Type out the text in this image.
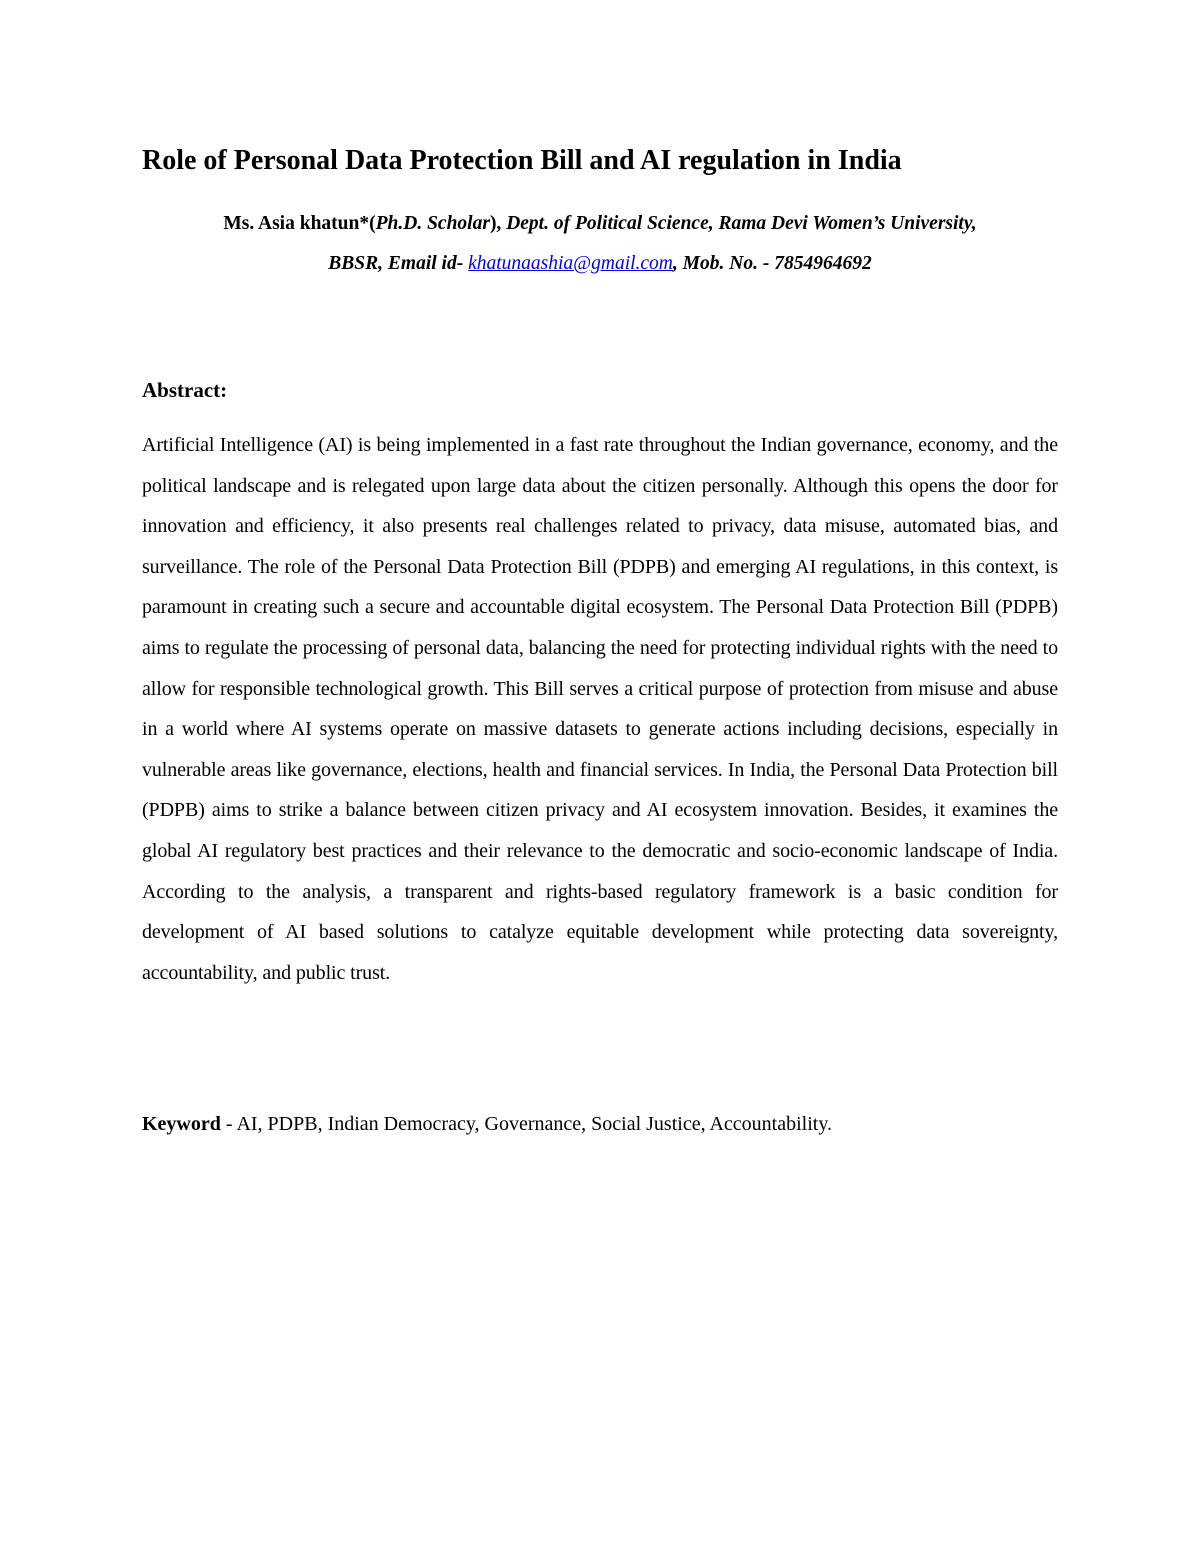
Role of Personal Data Protection Bill and AI regulation in India
Ms. Asia khatun*(Ph.D. Scholar), Dept. of Political Science, Rama Devi Women’s University,
BBSR, Email id- khatunaashia@gmail.com, Mob. No. - 7854964692
Abstract:

Artificial Intelligence (AI) is being implemented in a fast rate throughout the Indian governance, economy, and the political landscape and is relegated upon large data about the citizen personally. Although this opens the door for innovation and efficiency, it also presents real challenges related to privacy, data misuse, automated bias, and surveillance. The role of the Personal Data Protection Bill (PDPB) and emerging AI regulations, in this context, is paramount in creating such a secure and accountable digital ecosystem. The Personal Data Protection Bill (PDPB) aims to regulate the processing of personal data, balancing the need for protecting individual rights with the need to allow for responsible technological growth. This Bill serves a critical purpose of protection from misuse and abuse in a world where AI systems operate on massive datasets to generate actions including decisions, especially in vulnerable areas like governance, elections, health and financial services. In India, the Personal Data Protection bill (PDPB) aims to strike a balance between citizen privacy and AI ecosystem innovation. Besides, it examines the global AI regulatory best practices and their relevance to the democratic and socio-economic landscape of India. According to the analysis, a transparent and rights-based regulatory framework is a basic condition for development of AI based solutions to catalyze equitable development while protecting data sovereignty, accountability, and public trust.

Keyword - AI, PDPB, Indian Democracy, Governance, Social Justice, Accountability.
